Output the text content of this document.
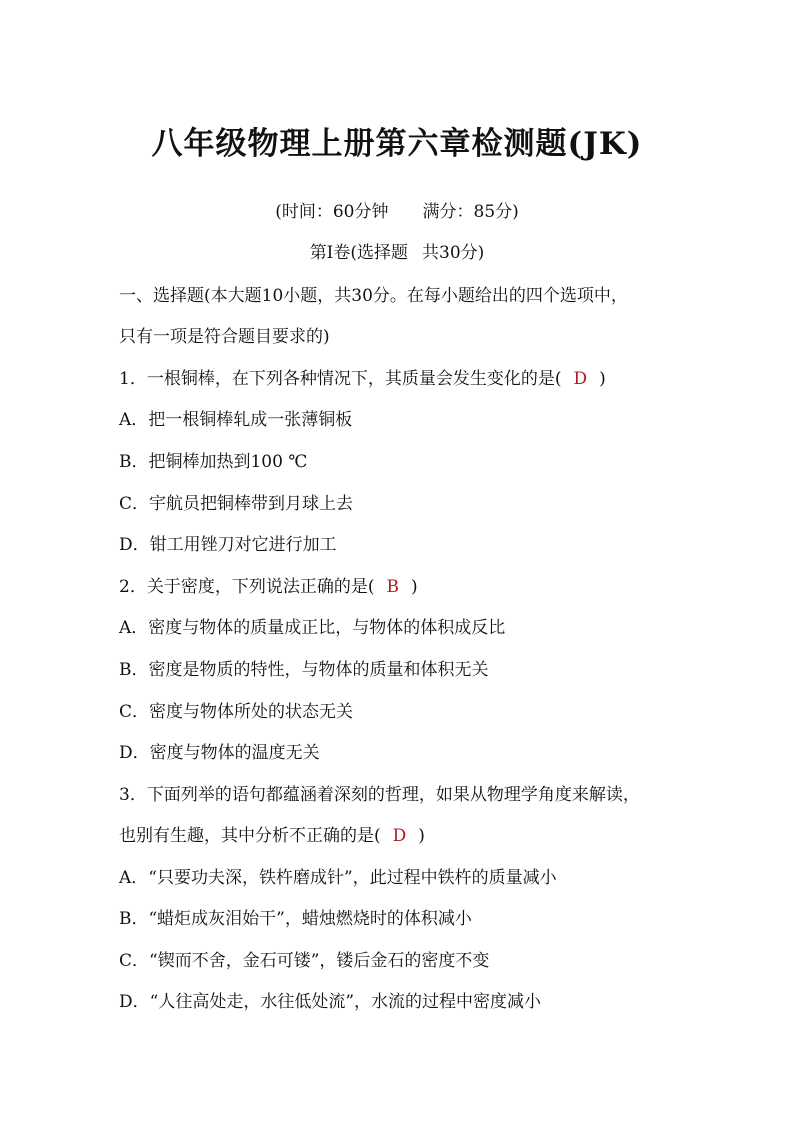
八年级物理上册第六章检测题(JK)
(时间：60分钟 满分：85分)
第Ⅰ卷(选择题 共30分)
一、选择题(本大题10小题，共30分。在每小题给出的四个选项中，
只有一项是符合题目要求的)
1．一根铜棒，在下列各种情况下，其质量会发生变化的是( D )
A．把一根铜棒轧成一张薄铜板
B．把铜棒加热到100 ℃
C．宇航员把铜棒带到月球上去
D．钳工用锉刀对它进行加工
2．关于密度，下列说法正确的是( B )
A．密度与物体的质量成正比，与物体的体积成反比
B．密度是物质的特性，与物体的质量和体积无关
C．密度与物体所处的状态无关
D．密度与物体的温度无关
3．下面列举的语句都蕴涵着深刻的哲理，如果从物理学角度来解读，
也别有生趣，其中分析不正确的是( D )
A．“只要功夫深，铁杵磨成针”，此过程中铁杵的质量减小
B．“蜡炬成灰泪始干”，蜡烛燃烧时的体积减小
C．“锲而不舍，金石可镂”，镂后金石的密度不变
D．“人往高处走，水往低处流”，水流的过程中密度减小
